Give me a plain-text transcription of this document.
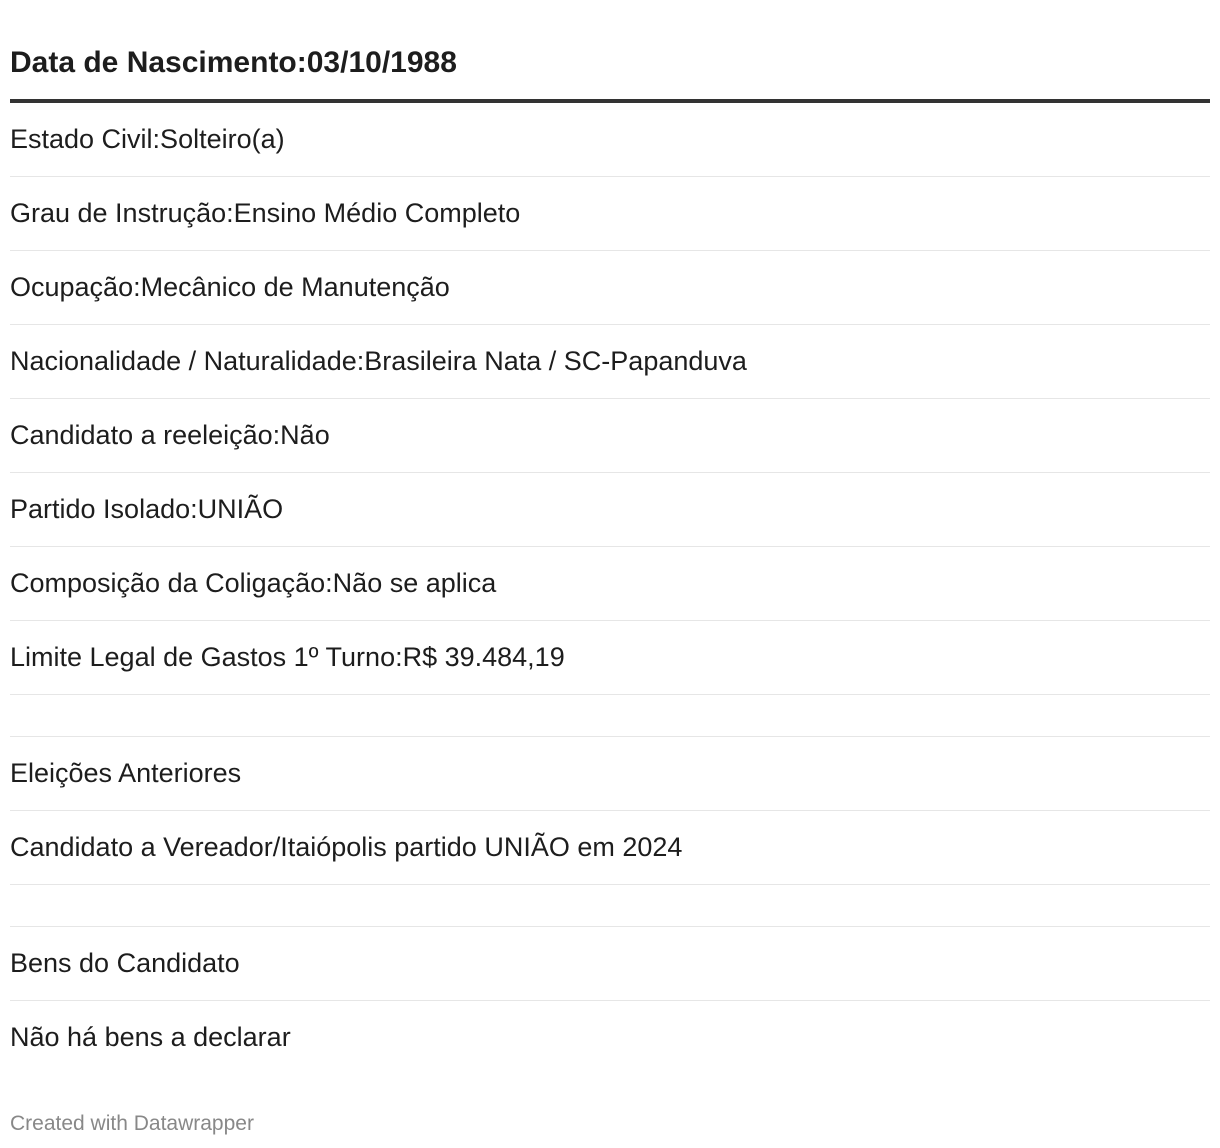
Data de Nascimento:03/10/1988
Estado Civil:Solteiro(a)
Grau de Instrução:Ensino Médio Completo
Ocupação:Mecânico de Manutenção
Nacionalidade / Naturalidade:Brasileira Nata / SC-Papanduva
Candidato a reeleição:Não
Partido Isolado:UNIÃO
Composição da Coligação:Não se aplica
Limite Legal de Gastos 1º Turno:R$ 39.484,19
Eleições Anteriores
Candidato a Vereador/Itaiópolis partido UNIÃO em 2024
Bens do Candidato
Não há bens a declarar
Created with Datawrapper
